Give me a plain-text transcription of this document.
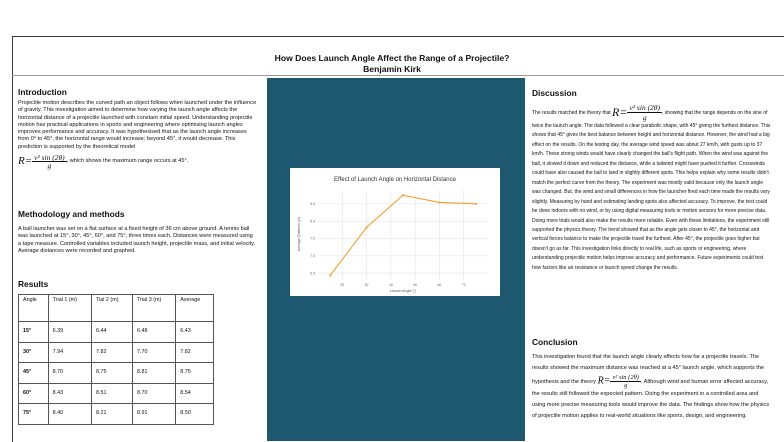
How Does Launch Angle Affect the Range of a Projectile?
Benjamin Kirk
Introduction
Projectile motion describes the curved path an object follows when launched under the influence of gravity. This investigation aimed to determine how varying the launch angle affects the horizontal distance of a projectile launched with constant initial speed. Understanding projectile motion has practical applications in sports and engineering where optimising launch angles improves performance and accuracy. It was hypothesised that as the launch angle increases from 0° to 45°, the horizontal range would increase; beyond 45°, it would decrease. This prediction is supported by the theoretical model
$R= \frac{\text{v² sin (2θ)}}{g}$ , which shows the maximum range occurs at 45°.
Methodology and methods
A ball launcher was set on a flat surface at a fixed height of 36 cm above ground. A tennis ball was launched at 15°, 30°, 45°, 60°, and 75°, three times each. Distances were measured using a tape measure. Controlled variables included launch height, projectile mass, and initial velocity. Average distances were recorded and graphed.
Results
Angle	Trial 1 (m)	Tial 2 (m)	Trial 3 (m)	Average
15°	6.39	6.44	6.48	6.43
30°	7.94	7.82	7.70	7.82
45°	8.70	8.75	8.81	8.75
60°	8.43	8.51	8.70	8.54
75°	8.40	8.21	8.91	8.50
Effect of Launch Angle on Horizontal Distance
Average Distance (m)
Launch Angle (°)
6.5
7.0
7.5
8.0
8.5
20	30	40	50	60	70
Discussion
The results matched the theory that $R= \frac{\text{v² sin (2θ)}}{g}$ , showing that the range depends on the sine of twice the launch angle. The data followed a clear parabolic shape, with 45° giving the furthest distance. This shows that 45° gives the best balance between height and horizontal distance. However, the wind had a big effect on the results. On the testing day, the average wind speed was about 27 km/h, with gusts up to 37 km/h. These strong winds would have clearly changed the ball's flight path. When the wind was against the ball, it slowed it down and reduced the distance, while a tailwind might have pushed it further. Crosswinds could have also caused the ball to land in slightly different spots. This helps explain why some results didn't match the perfect curve from the theory. The experiment was mostly valid because only the launch angle was changed. But, the wind and small differences in how the launcher fired each time made the results vary slightly. Measuring by hand and estimating landing spots also affected accuracy. To improve, the test could be done indoors with no wind, or by using digital measuring tools or motion sensors for more precise data. Doing more trials would also make the results more reliable. Even with these limitations, the experiment still supported the physics theory. The trend showed that as the angle gets closer to 45°, the horizontal and vertical forces balance to make the projectile travel the furthest. After 45°, the projectile goes higher but doesn't go as far. This investigation links directly to real life, such as sports or engineering, where understanding projectile motion helps improve accuracy and performance. Future experiments could test how factors like air resistance or launch speed change the results.
Conclusion
This investigation found that the launch angle clearly affects how far a projectile travels. The results showed the maximum distance was reached at a 45° launch angle, which supports the hypothesis and the theory $R= \frac{\text{v² sin (2θ)}}{g}$ . Although wind and human error affected accuracy, the results still followed the expected pattern. Doing the experiment in a controlled area and using more precise measuring tools would improve the data. The findings show how the physics of projectile motion applies to real-world situations like sports, design, and engineering.
